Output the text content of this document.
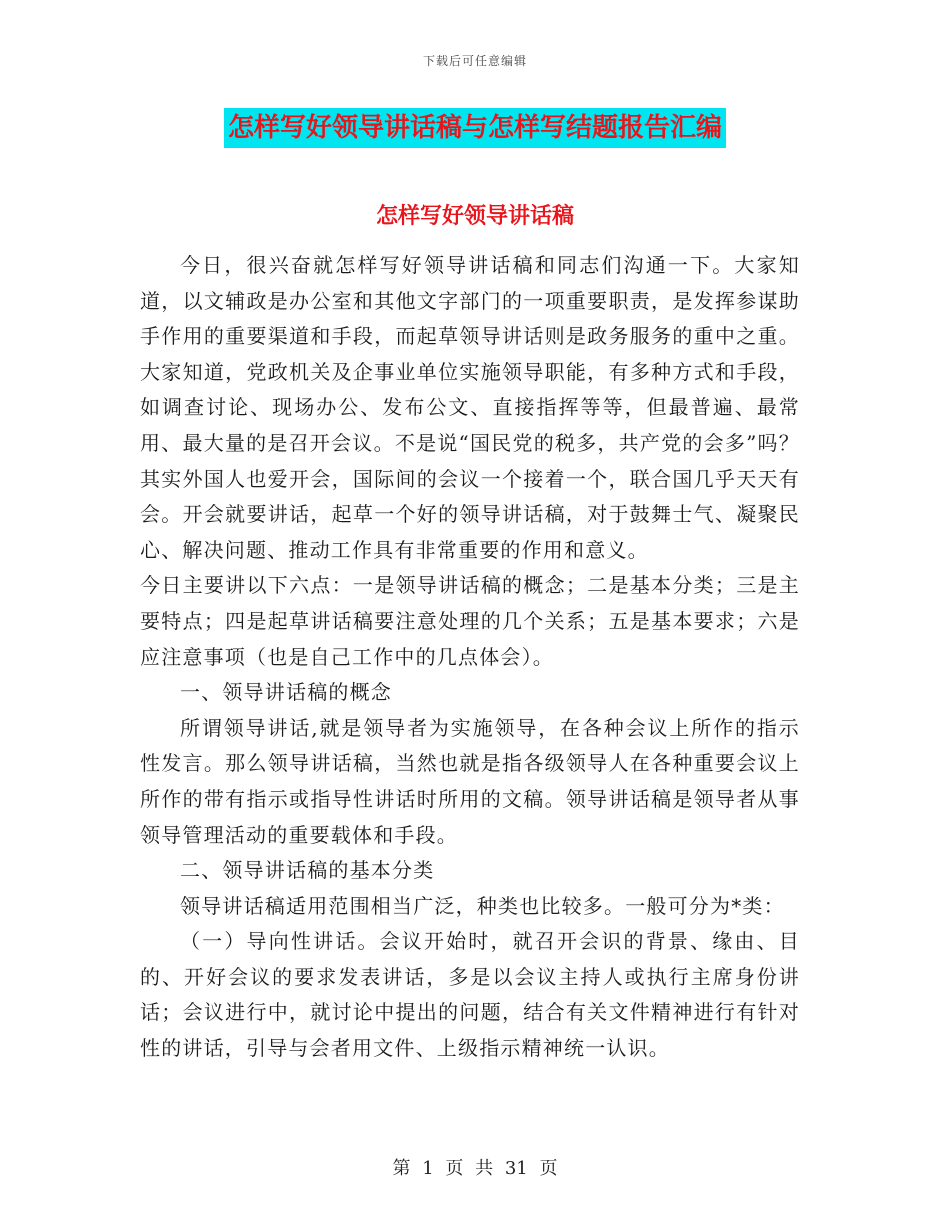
下载后可任意编辑
怎样写好领导讲话稿与怎样写结题报告汇编
怎样写好领导讲话稿

今日，很兴奋就怎样写好领导讲话稿和同志们沟通一下。大家知道，以文辅政是办公室和其他文字部门的一项重要职责，是发挥参谋助手作用的重要渠道和手段，而起草领导讲话则是政务服务的重中之重。大家知道，党政机关及企事业单位实施领导职能，有多种方式和手段，如调查讨论、现场办公、发布公文、直接指挥等等，但最普遍、最常用、最大量的是召开会议。不是说“国民党的税多，共产党的会多”吗？其实外国人也爱开会，国际间的会议一个接着一个，联合国几乎天天有会。开会就要讲话，起草一个好的领导讲话稿，对于鼓舞士气、凝聚民心、解决问题、推动工作具有非常重要的作用和意义。

今日主要讲以下六点：一是领导讲话稿的概念；二是基本分类；三是主要特点；四是起草讲话稿要注意处理的几个关系；五是基本要求；六是应注意事项（也是自己工作中的几点体会）。

一、领导讲话稿的概念

所谓领导讲话,就是领导者为实施领导，在各种会议上所作的指示性发言。那么领导讲话稿，当然也就是指各级领导人在各种重要会议上所作的带有指示或指导性讲话时所用的文稿。领导讲话稿是领导者从事领导管理活动的重要载体和手段。

二、领导讲话稿的基本分类

领导讲话稿适用范围相当广泛，种类也比较多。一般可分为*类：

（一）导向性讲话。会议开始时，就召开会识的背景、缘由、目的、开好会议的要求发表讲话，多是以会议主持人或执行主席身份讲话；会议进行中，就讨论中提出的问题，结合有关文件精神进行有针对性的讲话，引导与会者用文件、上级指示精神统一认识。

第 1 页 共 31 页
